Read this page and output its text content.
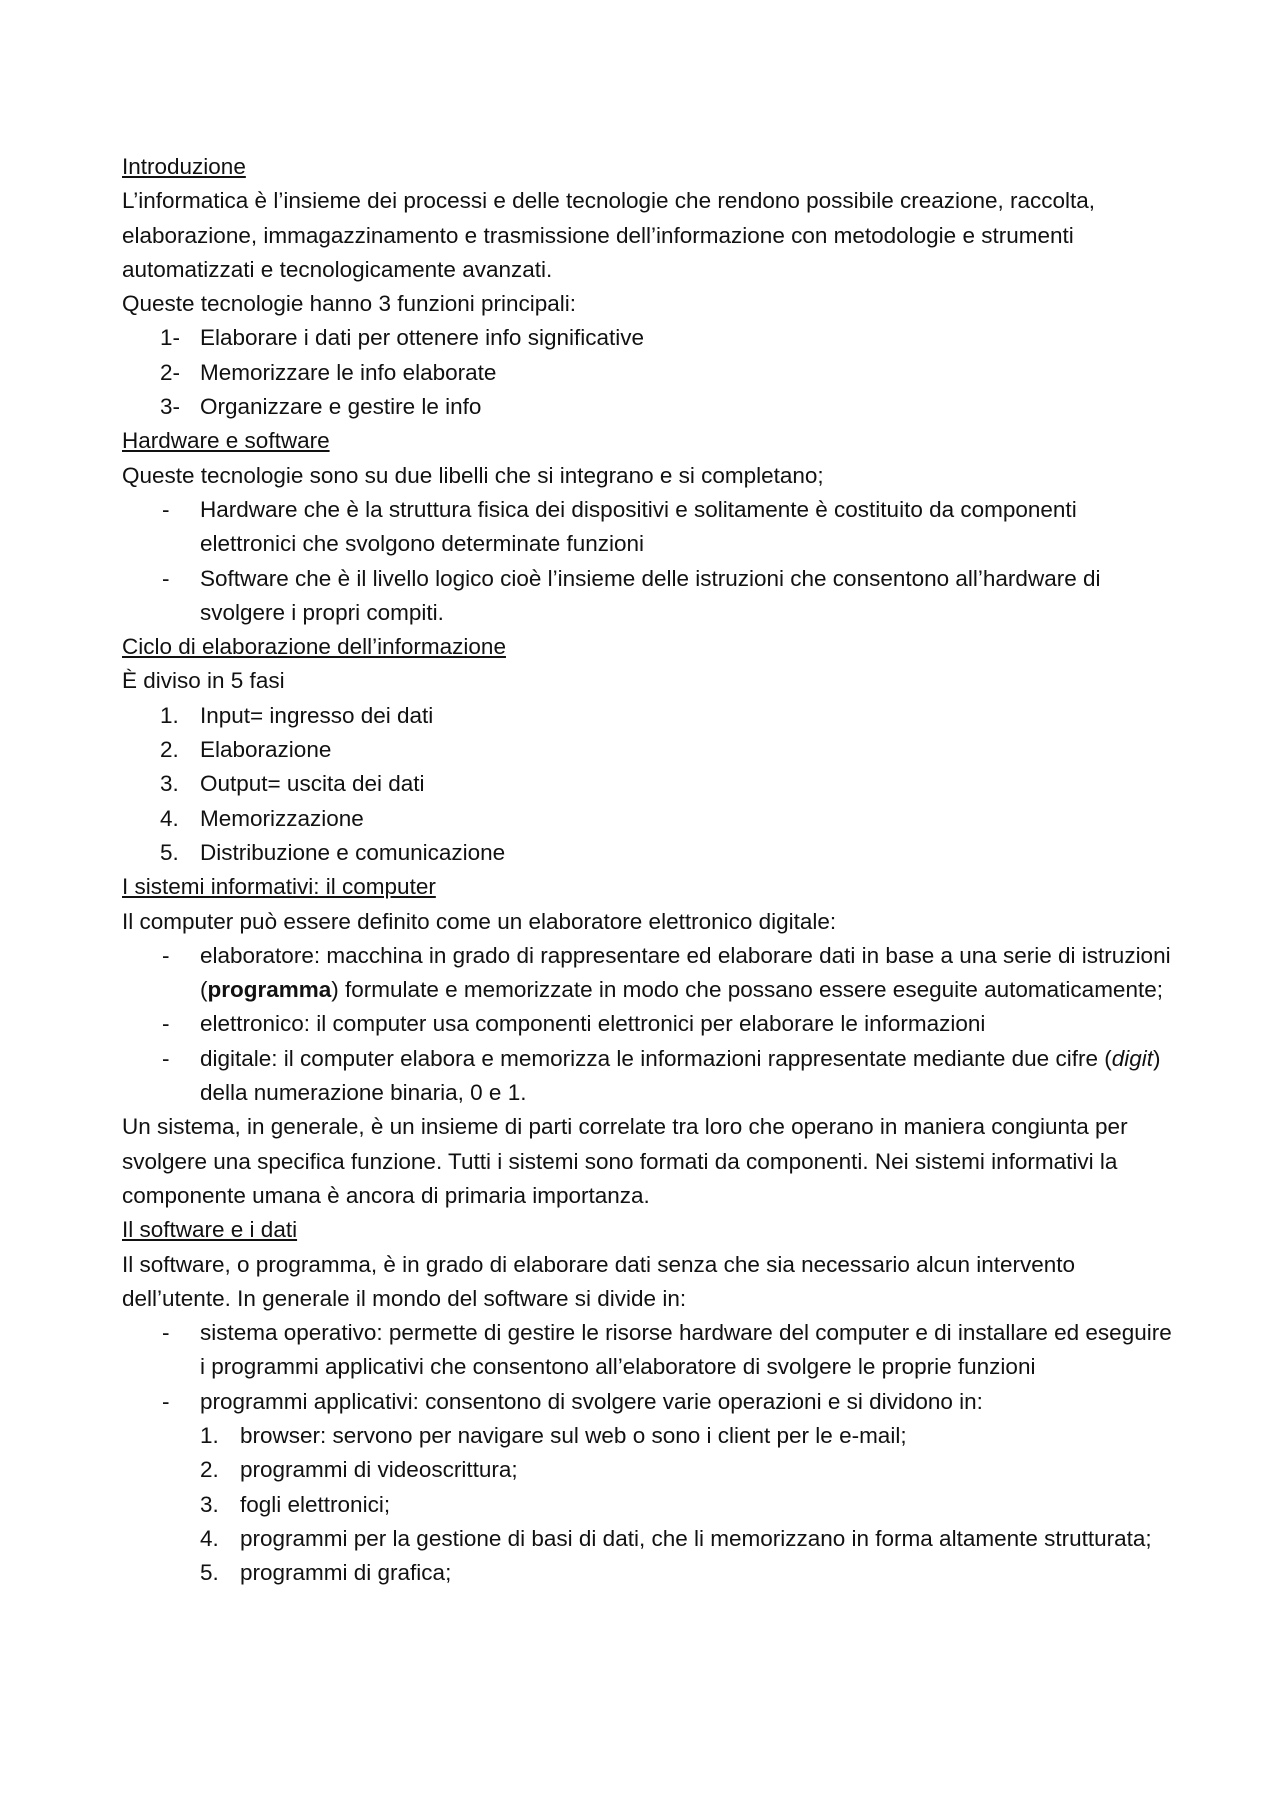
Introduzione

L’informatica è l’insieme dei processi e delle tecnologie che rendono possibile creazione, raccolta, elaborazione, immagazzinamento e trasmissione dell’informazione con metodologie e strumenti automatizzati e tecnologicamente avanzati.

Queste tecnologie hanno 3 funzioni principali:

1- Elaborare i dati per ottenere info significative
2- Memorizzare le info elaborate
3- Organizzare e gestire le info
Hardware e software

Queste tecnologie sono su due libelli che si integrano e si completano;

- Hardware che è la struttura fisica dei dispositivi e solitamente è costituito da componenti elettronici che svolgono determinate funzioni
- Software che è il livello logico cioè l’insieme delle istruzioni che consentono all’hardware di svolgere i propri compiti.
Ciclo di elaborazione dell’informazione

È diviso in 5 fasi

1. Input= ingresso dei dati
2. Elaborazione
3. Output= uscita dei dati
4. Memorizzazione
5. Distribuzione e comunicazione
I sistemi informativi: il computer

Il computer può essere definito come un elaboratore elettronico digitale:

- elaboratore: macchina in grado di rappresentare ed elaborare dati in base a una serie di istruzioni (programma) formulate e memorizzate in modo che possano essere eseguite automaticamente;
- elettronico: il computer usa componenti elettronici per elaborare le informazioni
- digitale: il computer elabora e memorizza le informazioni rappresentate mediante due cifre (digit) della numerazione binaria, 0 e 1.

Un sistema, in generale, è un insieme di parti correlate tra loro che operano in maniera congiunta per svolgere una specifica funzione. Tutti i sistemi sono formati da componenti. Nei sistemi informativi la componente umana è ancora di primaria importanza.

Il software e i dati

Il software, o programma, è in grado di elaborare dati senza che sia necessario alcun intervento dell’utente. In generale il mondo del software si divide in:

- sistema operativo: permette di gestire le risorse hardware del computer e di installare ed eseguire i programmi applicativi che consentono all’elaboratore di svolgere le proprie funzioni
- programmi applicativi: consentono di svolgere varie operazioni e si dividono in:
1. browser: servono per navigare sul web o sono i client per le e-mail;
2. programmi di videoscrittura;
3. fogli elettronici;
4. programmi per la gestione di basi di dati, che li memorizzano in forma altamente strutturata;
5. programmi di grafica;
